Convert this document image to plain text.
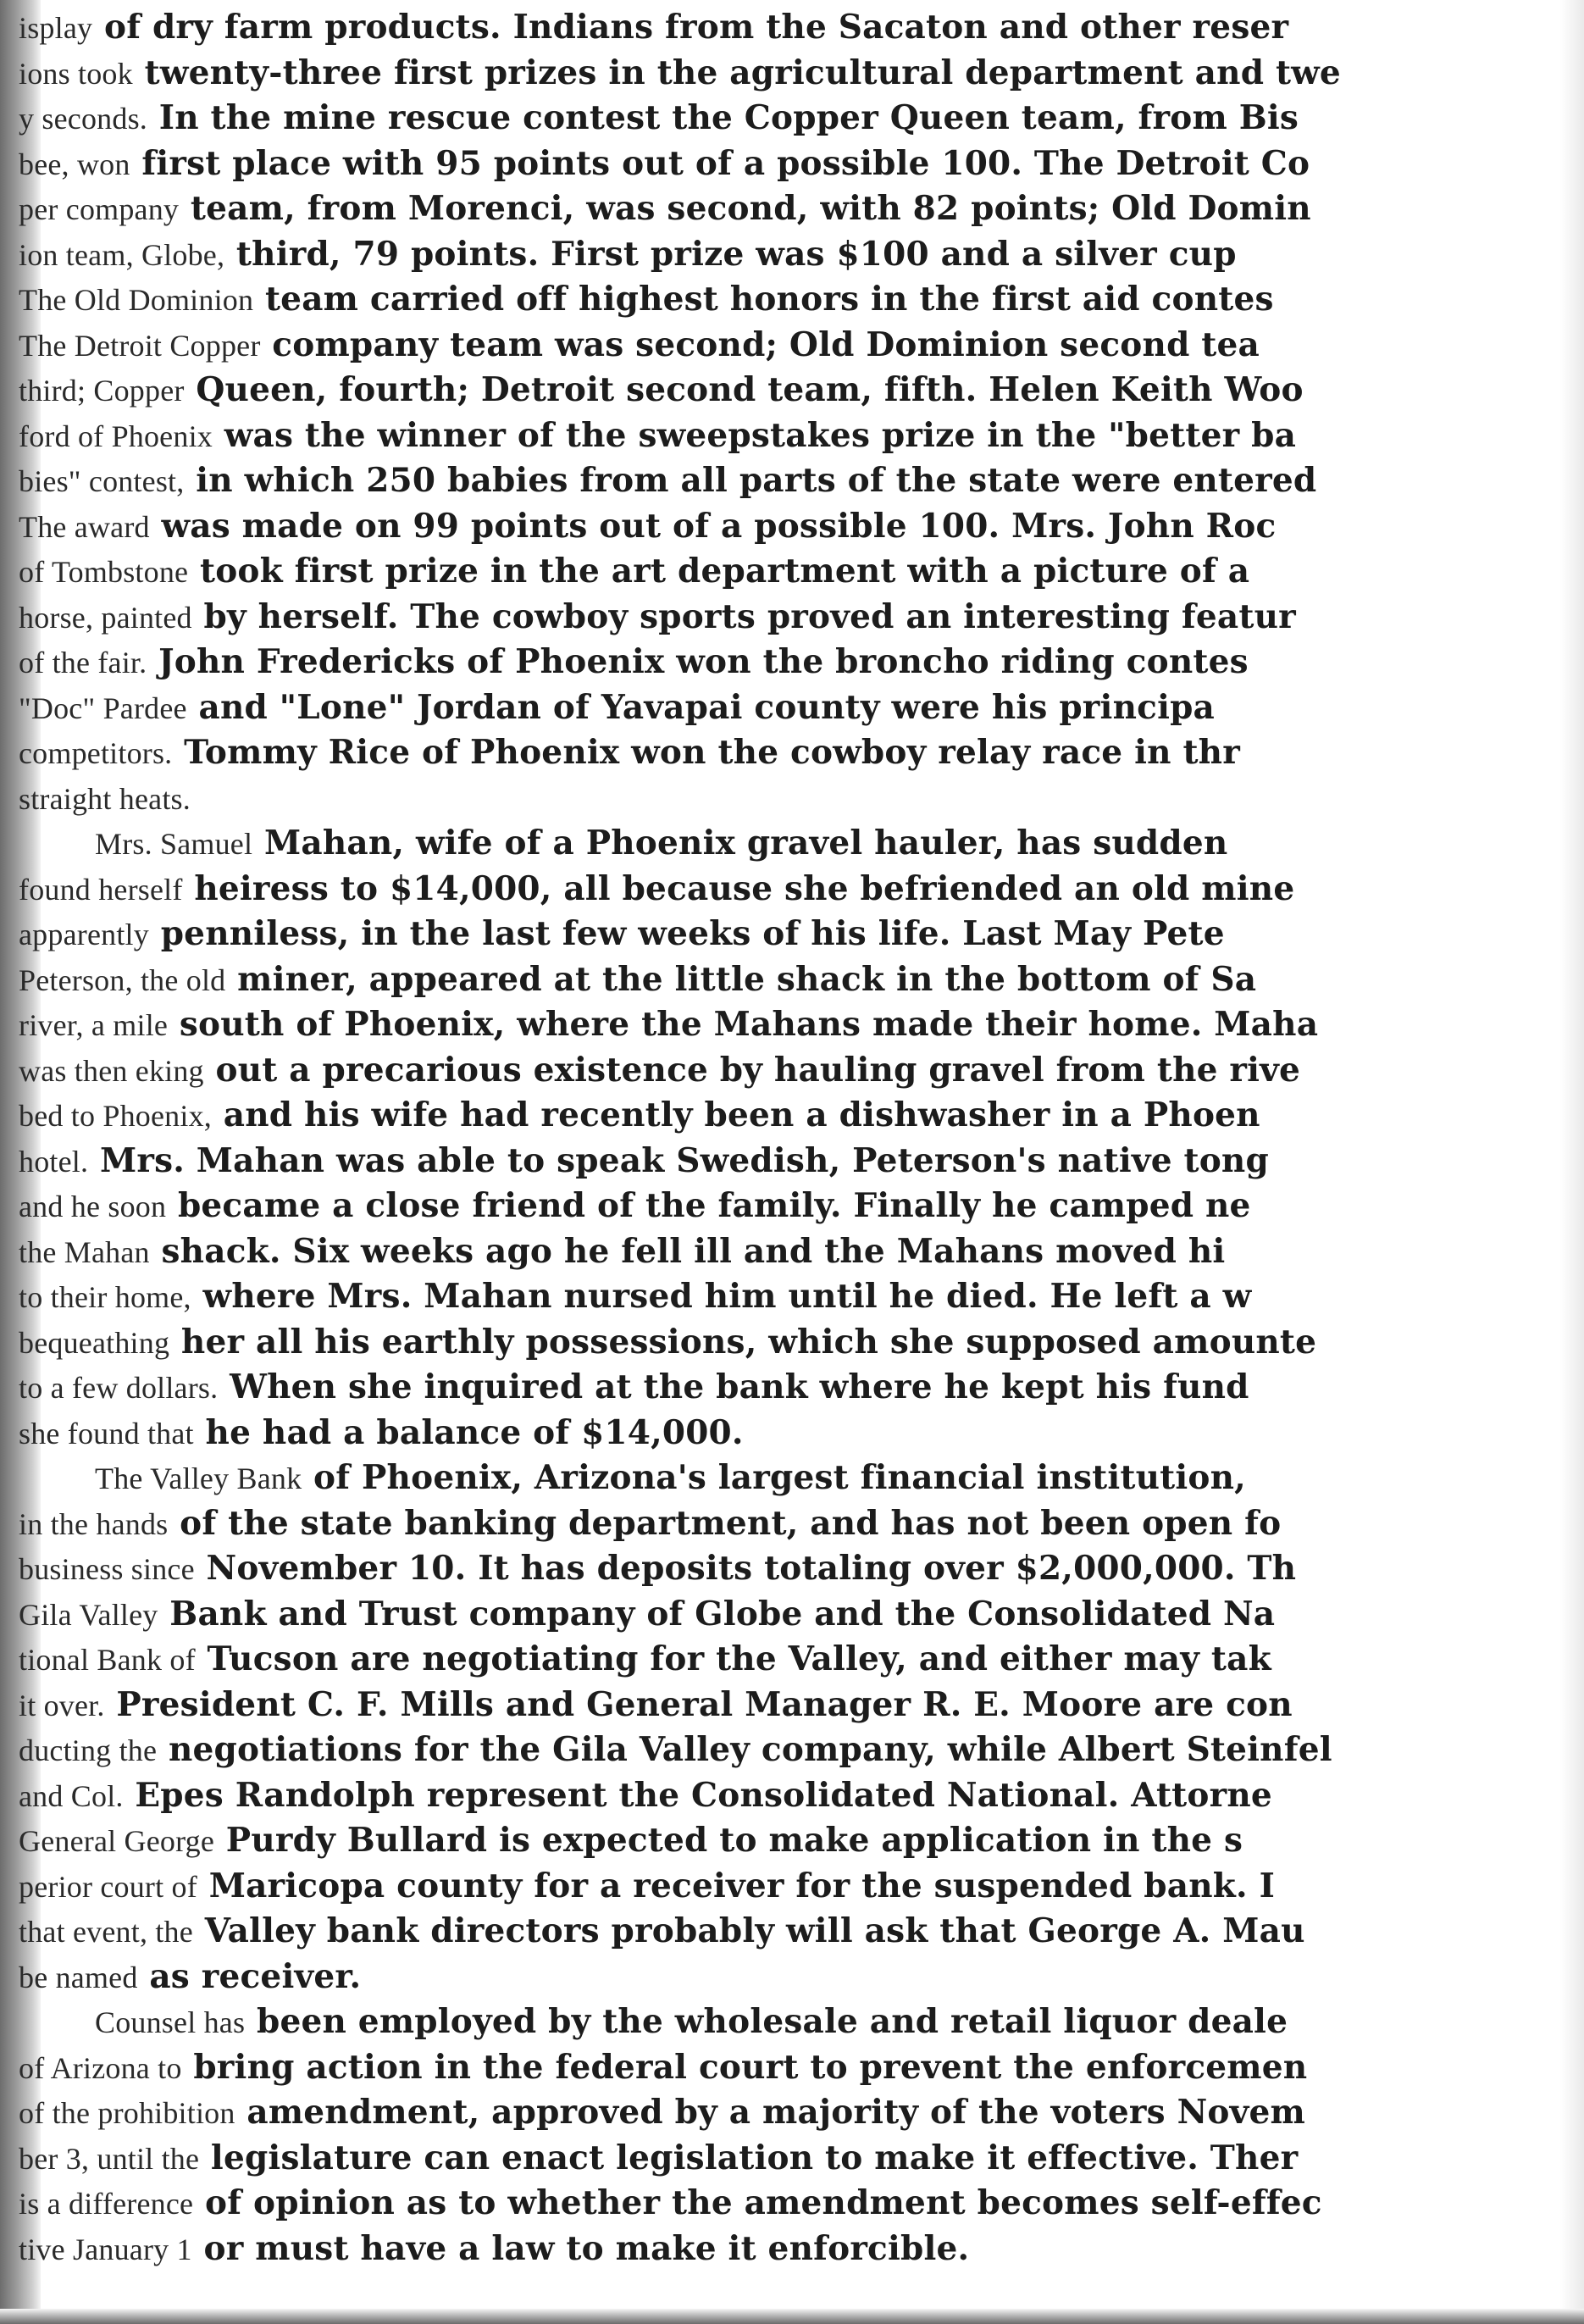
isplay of dry farm products. Indians from the Sacaton and other reser
ions took twenty-three first prizes in the agricultural department and twe
y seconds. In the mine rescue contest the Copper Queen team, from Bis
bee, won first place with 95 points out of a possible 100. The Detroit Co
per company team, from Morenci, was second, with 82 points; Old Domin
ion team, Globe, third, 79 points. First prize was $100 and a silver cup
The Old Dominion team carried off highest honors in the first aid contes
The Detroit Copper company team was second; Old Dominion second tea
third; Copper Queen, fourth; Detroit second team, fifth. Helen Keith Woo
ford of Phoenix was the winner of the sweepstakes prize in the "better ba
bies" contest, in which 250 babies from all parts of the state were entered
The award was made on 99 points out of a possible 100. Mrs. John Roc
of Tombstone took first prize in the art department with a picture of a
horse, painted by herself. The cowboy sports proved an interesting featur
of the fair. John Fredericks of Phoenix won the broncho riding contes
"Doc" Pardee and "Lone" Jordan of Yavapai county were his principa
competitors. Tommy Rice of Phoenix won the cowboy relay race in thr
straight heats.
Mrs. Samuel Mahan, wife of a Phoenix gravel hauler, has sudden
found herself heiress to $14,000, all because she befriended an old mine
apparently penniless, in the last few weeks of his life. Last May Pete
Peterson, the old miner, appeared at the little shack in the bottom of Sa
river, a mile south of Phoenix, where the Mahans made their home. Maha
was then eking out a precarious existence by hauling gravel from the rive
bed to Phoenix, and his wife had recently been a dishwasher in a Phoen
hotel. Mrs. Mahan was able to speak Swedish, Peterson's native tong
and he soon became a close friend of the family. Finally he camped ne
the Mahan shack. Six weeks ago he fell ill and the Mahans moved hi
to their home, where Mrs. Mahan nursed him until he died. He left a w
bequeathing her all his earthly possessions, which she supposed amounte
to a few dollars. When she inquired at the bank where he kept his fund
she found that he had a balance of $14,000.
The Valley Bank of Phoenix, Arizona's largest financial institution,
in the hands of the state banking department, and has not been open fo
business since November 10. It has deposits totaling over $2,000,000. Th
Gila Valley Bank and Trust company of Globe and the Consolidated Na
tional Bank of Tucson are negotiating for the Valley, and either may tak
it over. President C. F. Mills and General Manager R. E. Moore are con
ducting the negotiations for the Gila Valley company, while Albert Steinfel
and Col. Epes Randolph represent the Consolidated National. Attorne
General George Purdy Bullard is expected to make application in the s
perior court of Maricopa county for a receiver for the suspended bank. I
that event, the Valley bank directors probably will ask that George A. Mau
be named as receiver.
Counsel has been employed by the wholesale and retail liquor deale
of Arizona to bring action in the federal court to prevent the enforcemen
of the prohibition amendment, approved by a majority of the voters Novem
ber 3, until the legislature can enact legislation to make it effective. Ther
is a difference of opinion as to whether the amendment becomes self-effec
tive January 1 or must have a law to make it enforcible.
